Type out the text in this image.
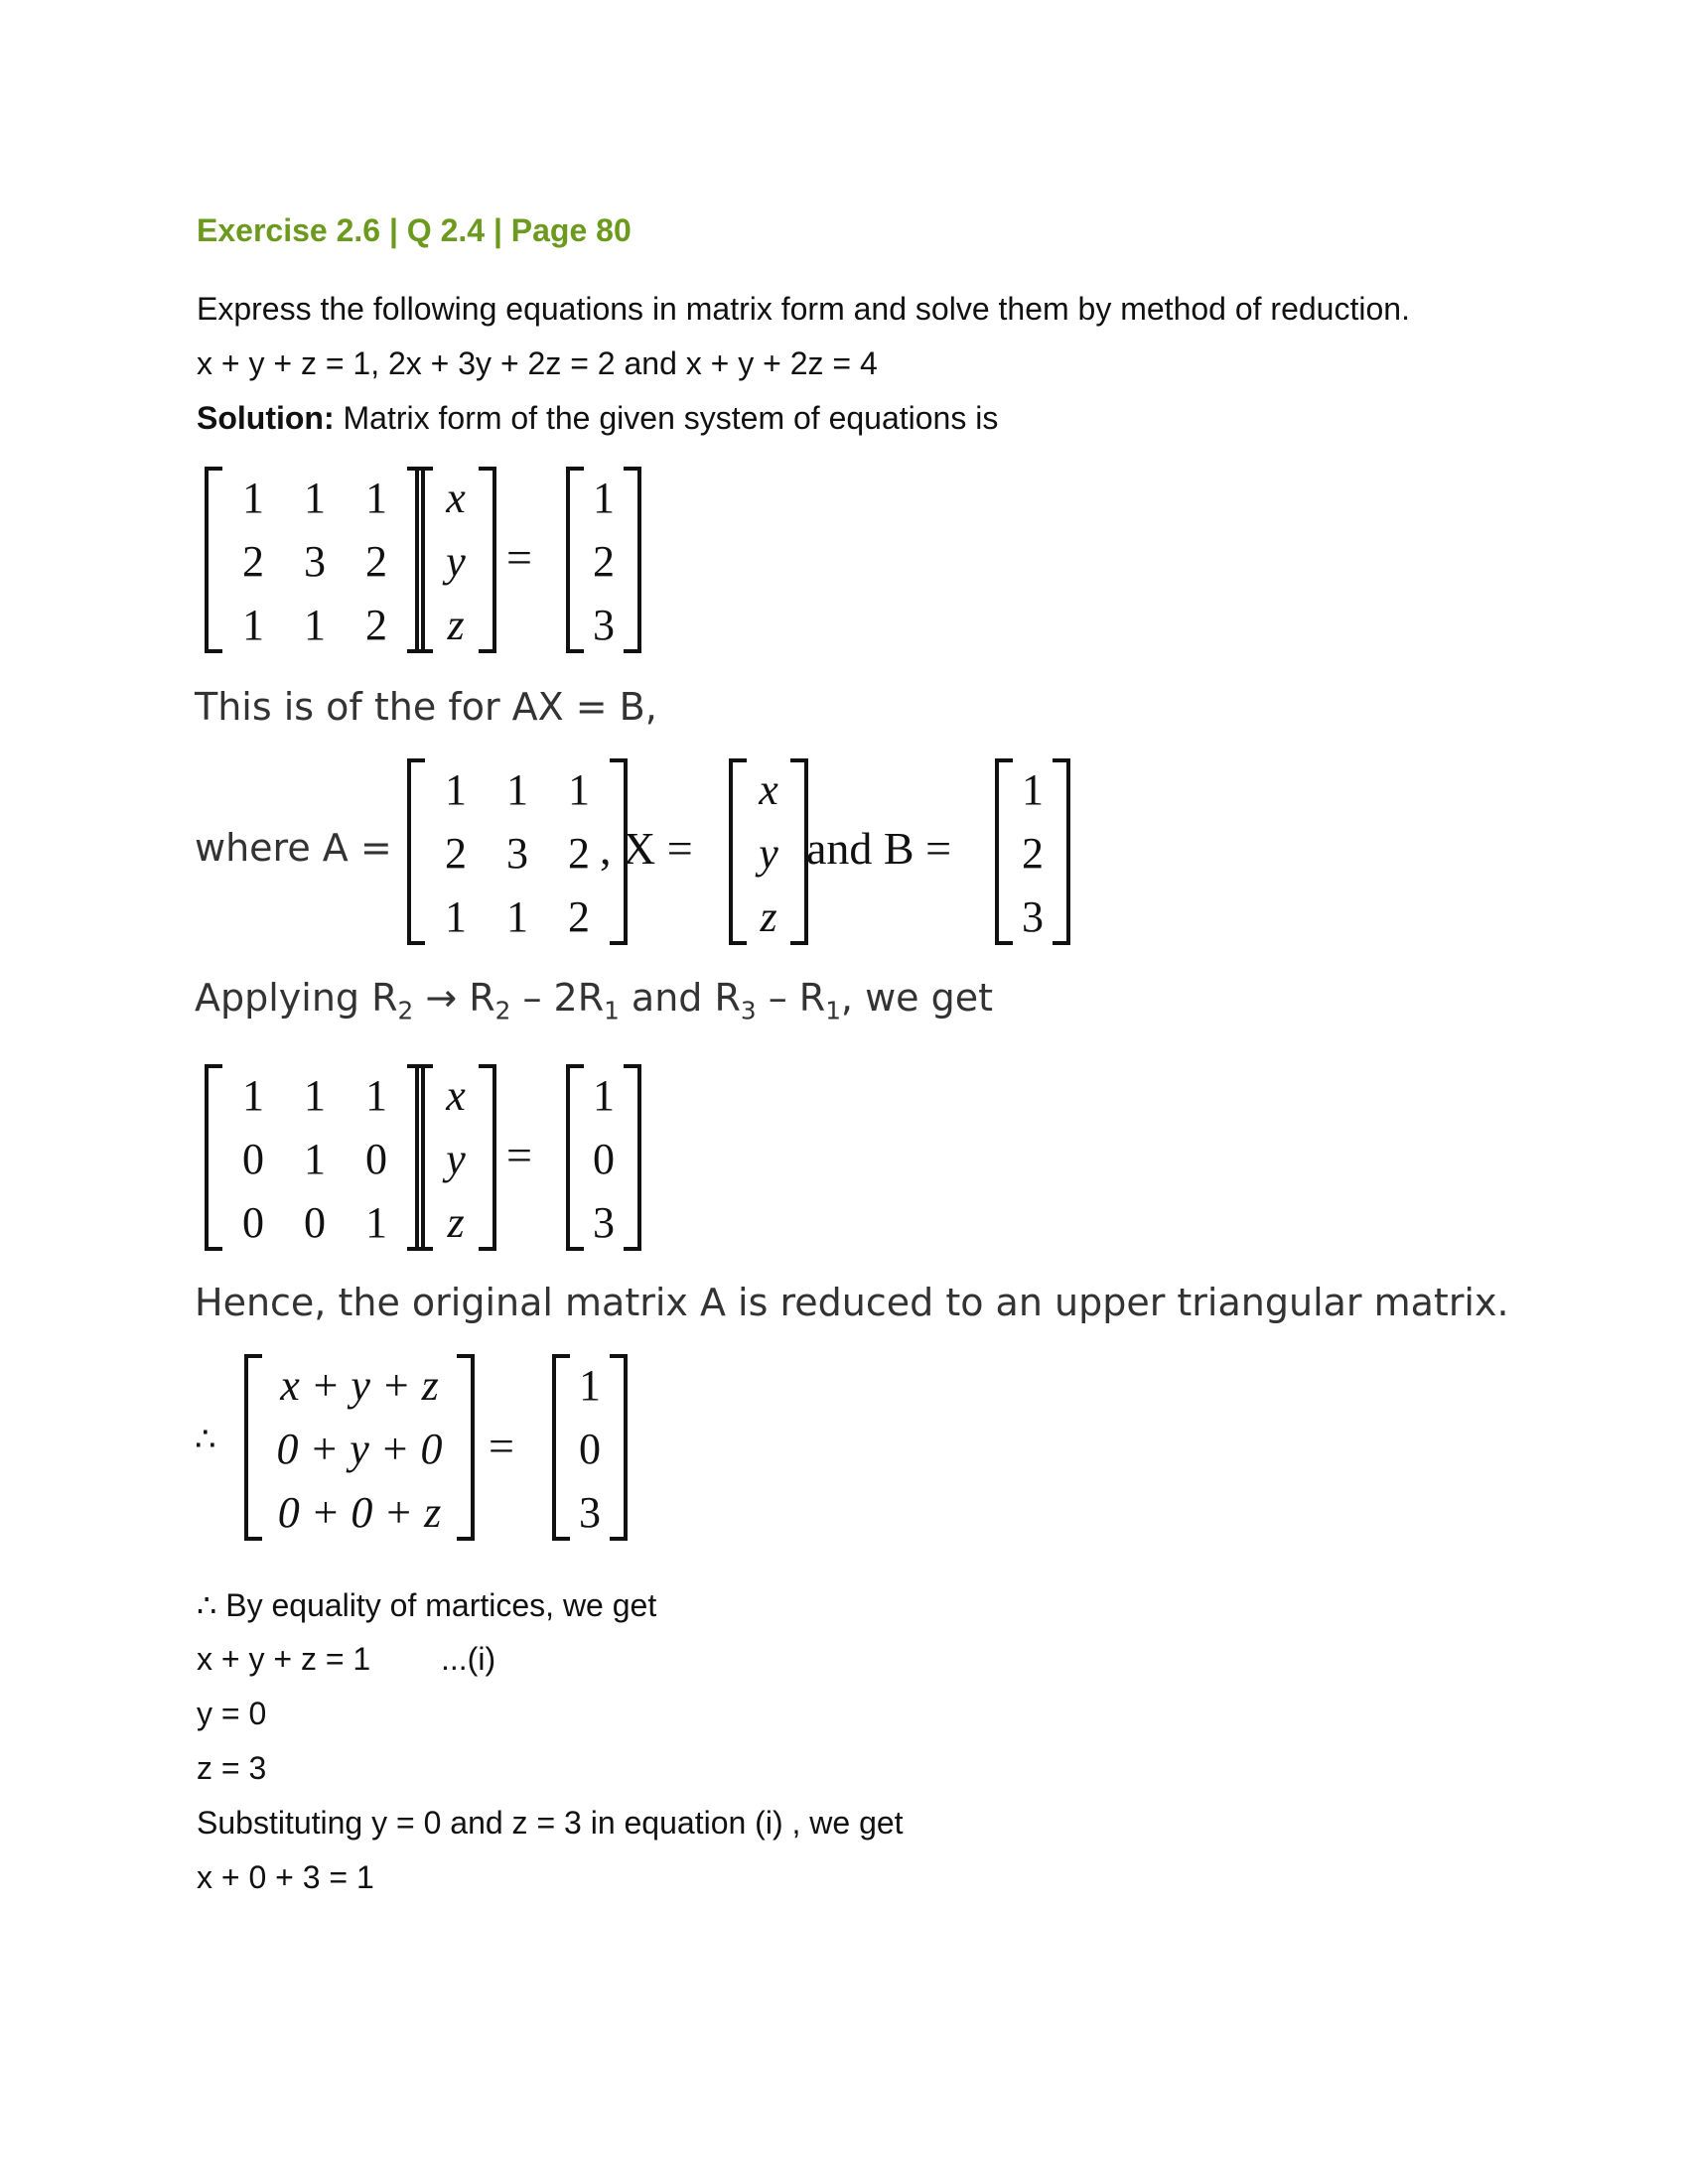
Exercise 2.6 | Q 2.4 | Page 80
Express the following equations in matrix form and solve them by method of reduction.
x + y + z = 1, 2x + 3y + 2z = 2 and x + y + 2z = 4
Solution: Matrix form of the given system of equations is
1	1	1
2	3	2
1	1	2
x
y
z
=
1
2
3
This is of the for AX = B,
where A =
1	1	1
2	3	2
1	1	2
, X =
x
y
z
and B =
1
2
3
Applying $R_2 \to R_2 - 2R_1$ and $R_3 - R_1$, we get
1	1	1
0	1	0
0	0	1
x
y
z
=
1
0
3
Hence, the original matrix A is reduced to an upper triangular matrix.
∴
x + y + z
0 + y + 0
0 + 0 + z
=
1
0
3
∴ By equality of martices, we get
x + y + z = 1 ...(i)
y = 0
z = 3
Substituting y = 0 and z = 3 in equation (i) , we get
x + 0 + 3 = 1
